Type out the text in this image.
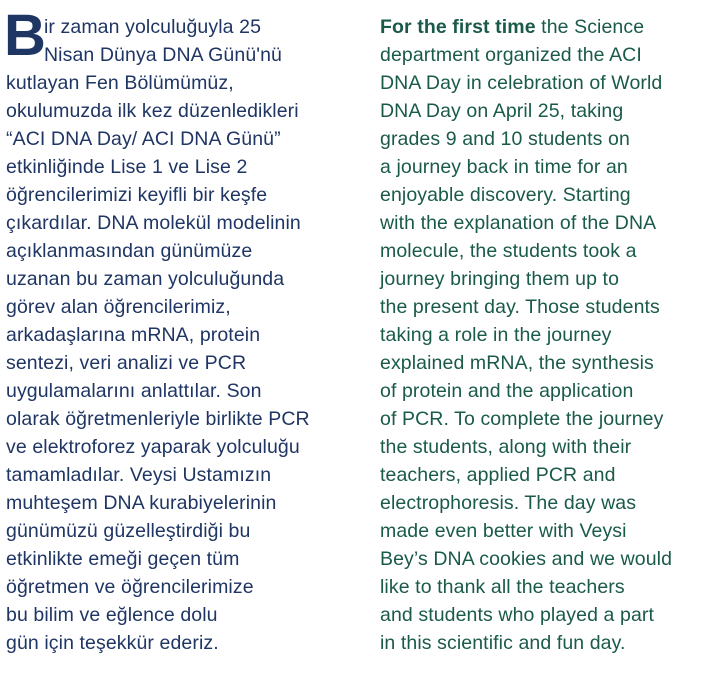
B
ir zaman yolculuğuyla 25
Nisan Dünya DNA Günü'nü
kutlayan Fen Bölümümüz,
okulumuzda ilk kez düzenledikleri
“ACI DNA Day/ ACI DNA Günü”
etkinliğinde Lise 1 ve Lise 2
öğrencilerimizi keyifli bir keşfe
çıkardılar. DNA molekül modelinin
açıklanmasından günümüze
uzanan bu zaman yolculuğunda
görev alan öğrencilerimiz,
arkadaşlarına mRNA, protein
sentezi, veri analizi ve PCR
uygulamalarını anlattılar. Son
olarak öğretmenleriyle birlikte PCR
ve elektroforez yaparak yolculuğu
tamamladılar. Veysi Ustamızın
muhteşem DNA kurabiyelerinin
günümüzü güzelleştirdiği bu
etkinlikte emeği geçen tüm
öğretmen ve öğrencilerimize
bu bilim ve eğlence dolu
gün için teşekkür ederiz.
For the first time the Science
department organized the ACI
DNA Day in celebration of World
DNA Day on April 25, taking
grades 9 and 10 students on
a journey back in time for an
enjoyable discovery. Starting
with the explanation of the DNA
molecule, the students took a
journey bringing them up to
the present day. Those students
taking a role in the journey
explained mRNA, the synthesis
of protein and the application
of PCR. To complete the journey
the students, along with their
teachers, applied PCR and
electrophoresis. The day was
made even better with Veysi
Bey’s DNA cookies and we would
like to thank all the teachers
and students who played a part
in this scientific and fun day.
